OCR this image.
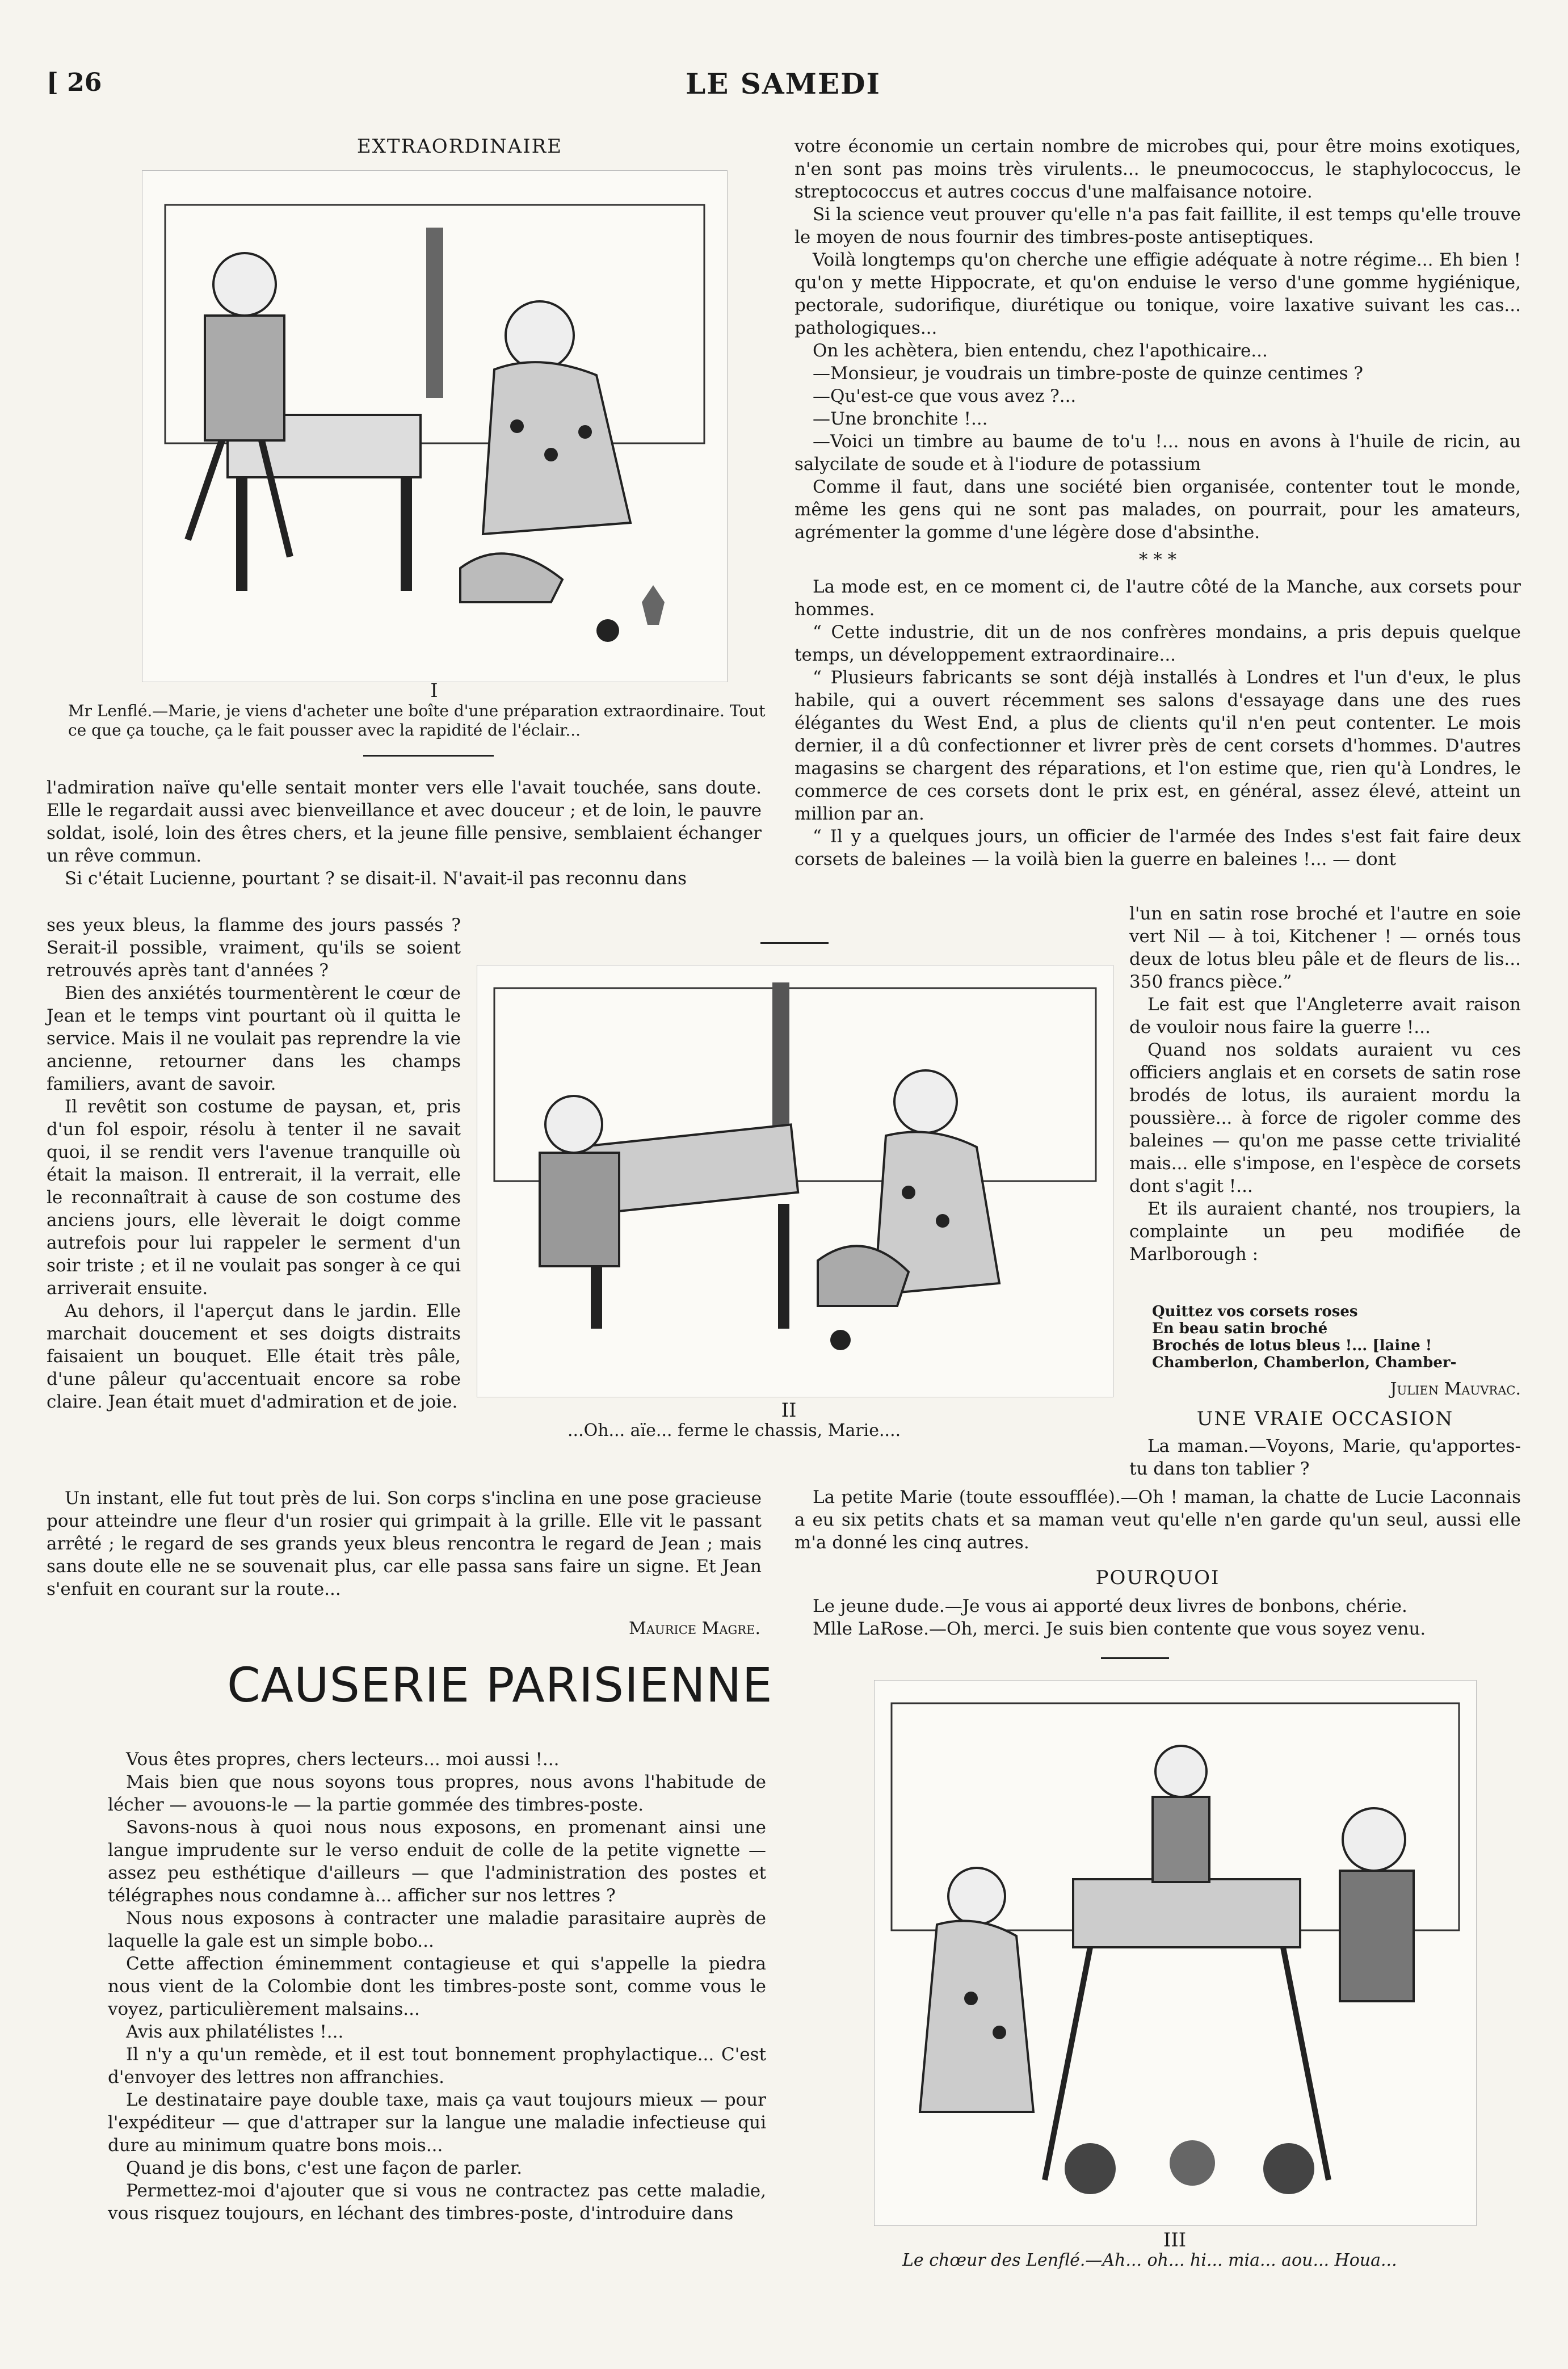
[ 26	LE SAMEDI
EXTRAORDINAIRE
I
Mr Lenflé.—Marie, je viens d'acheter une boîte d'une préparation extraordinaire. Tout ce que ça touche, ça le fait pousser avec la rapidité de l'éclair...

l'admiration naïve qu'elle sentait monter vers elle l'avait touchée, sans doute. Elle le regardait aussi avec bienveillance et avec douceur ; et de loin, le pauvre soldat, isolé, loin des êtres chers, et la jeune fille pensive, semblaient échanger un rêve commun.

Si c'était Lucienne, pourtant ? se disait-il. N'avait-il pas reconnu dans

ses yeux bleus, la flamme des jours passés ? Serait-il possible, vraiment, qu'ils se soient retrouvés après tant d'années ?

Bien des anxiétés tourmentèrent le cœur de Jean et le temps vint pourtant où il quitta le service. Mais il ne voulait pas reprendre la vie ancienne, retourner dans les champs familiers, avant de savoir.

Il revêtit son costume de paysan, et, pris d'un fol espoir, résolu à tenter il ne savait quoi, il se rendit vers l'avenue tranquille où était la maison. Il entrerait, il la verrait, elle le reconnaîtrait à cause de son costume des anciens jours, elle lèverait le doigt comme autrefois pour lui rappeler le serment d'un soir triste ; et il ne voulait pas songer à ce qui arriverait ensuite.

Au dehors, il l'aperçut dans le jardin. Elle marchait doucement et ses doigts distraits faisaient un bouquet. Elle était très pâle, d'une pâleur qu'accentuait encore sa robe claire. Jean était muet d'admiration et de joie.	II
...Oh... aïe... ferme le chassis, Marie....

Un instant, elle fut tout près de lui. Son corps s'inclina en une pose gracieuse pour atteindre une fleur d'un rosier qui grimpait à la grille. Elle vit le passant arrêté ; le regard de ses grands yeux bleus rencontra le regard de Jean ; mais sans doute elle ne se souvenait plus, car elle passa sans faire un signe. Et Jean s'enfuit en courant sur la route...

Maurice Magre.
CAUSERIE PARISIENNE

Vous êtes propres, chers lecteurs... moi aussi !...

Mais bien que nous soyons tous propres, nous avons l'habitude de lécher — avouons-le — la partie gommée des timbres-poste.

Savons-nous à quoi nous nous exposons, en promenant ainsi une langue imprudente sur le verso enduit de colle de la petite vignette — assez peu esthétique d'ailleurs — que l'administration des postes et télégraphes nous condamne à... afficher sur nos lettres ?

Nous nous exposons à contracter une maladie parasitaire auprès de laquelle la gale est un simple bobo...

Cette affection éminemment contagieuse et qui s'appelle la piedra nous vient de la Colombie dont les timbres-poste sont, comme vous le voyez, particulièrement malsains...

Avis aux philatélistes !...

Il n'y a qu'un remède, et il est tout bonnement prophylactique... C'est d'envoyer des lettres non affranchies.

Le destinataire paye double taxe, mais ça vaut toujours mieux — pour l'expéditeur — que d'attraper sur la langue une maladie infectieuse qui dure au minimum quatre bons mois...

Quand je dis bons, c'est une façon de parler.

Permettez-moi d'ajouter que si vous ne contractez pas cette maladie, vous risquez toujours, en léchant des timbres-poste, d'introduire dans

votre économie un certain nombre de microbes qui, pour être moins exotiques, n'en sont pas moins très virulents... le pneumococcus, le staphylococcus, le streptococcus et autres coccus d'une malfaisance notoire.

Si la science veut prouver qu'elle n'a pas fait faillite, il est temps qu'elle trouve le moyen de nous fournir des timbres-poste antiseptiques.

Voilà longtemps qu'on cherche une effigie adéquate à notre régime... Eh bien ! qu'on y mette Hippocrate, et qu'on enduise le verso d'une gomme hygiénique, pectorale, sudorifique, diurétique ou tonique, voire laxative suivant les cas... pathologiques...

On les achètera, bien entendu, chez l'apothicaire...

—Monsieur, je voudrais un timbre-poste de quinze centimes ?

—Qu'est-ce que vous avez ?...

—Une bronchite !...

—Voici un timbre au baume de to'u !... nous en avons à l'huile de ricin, au salycilate de soude et à l'iodure de potassium

Comme il faut, dans une société bien organisée, contenter tout le monde, même les gens qui ne sont pas malades, on pourrait, pour les amateurs, agrémenter la gomme d'une légère dose d'absinthe.

* * *

La mode est, en ce moment ci, de l'autre côté de la Manche, aux corsets pour hommes.

“ Cette industrie, dit un de nos confrères mondains, a pris depuis quelque temps, un développement extraordinaire...

“ Plusieurs fabricants se sont déjà installés à Londres et l'un d'eux, le plus habile, qui a ouvert récemment ses salons d'essayage dans une des rues élégantes du West End, a plus de clients qu'il n'en peut contenter. Le mois dernier, il a dû confectionner et livrer près de cent corsets d'hommes. D'autres magasins se chargent des réparations, et l'on estime que, rien qu'à Londres, le commerce de ces corsets dont le prix est, en général, assez élevé, atteint un million par an.

“ Il y a quelques jours, un officier de l'armée des Indes s'est fait faire deux corsets de baleines — la voilà bien la guerre en baleines !... — dont

l'un en satin rose broché et l'autre en soie vert Nil — à toi, Kitchener ! — ornés tous deux de lotus bleu pâle et de fleurs de lis... 350 francs pièce.”

Le fait est que l'Angleterre avait raison de vouloir nous faire la guerre !...

Quand nos soldats auraient vu ces officiers anglais et en corsets de satin rose brodés de lotus, ils auraient mordu la poussière... à force de rigoler comme des baleines — qu'on me passe cette trivialité mais... elle s'impose, en l'espèce de corsets dont s'agit !...

Et ils auraient chanté, nos troupiers, la complainte un peu modifiée de Marlborough :

Quittez vos corsets roses
En beau satin broché
Brochés de lotus bleus !... [laine !
Chamberlon, Chamberlon, Chamber-
Julien Mauvrac.
UNE VRAIE OCCASION

La maman.—Voyons, Marie, qu'apportes-tu dans ton tablier ?

La petite Marie (toute essoufflée).—Oh ! maman, la chatte de Lucie Laconnais a eu six petits chats et sa maman veut qu'elle n'en garde qu'un seul, aussi elle m'a donné les cinq autres.

POURQUOI

Le jeune dude.—Je vous ai apporté deux livres de bonbons, chérie.

Mlle LaRose.—Oh, merci. Je suis bien contente que vous soyez venu.

III
Le chœur des Lenflé.—Ah... oh... hi... mia... aou... Houa...
